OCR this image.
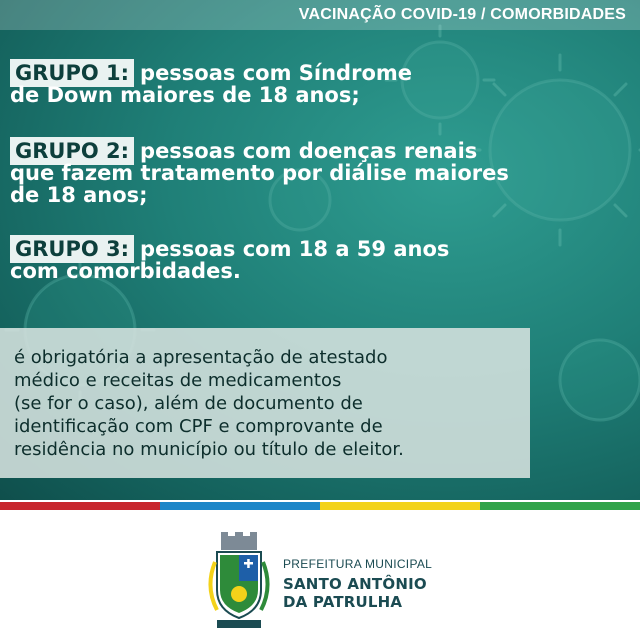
VACINAÇÃO COVID-19 / COMORBIDADES

GRUPO 1: pessoas com Síndrome
de Down maiores de 18 anos;

GRUPO 2: pessoas com doenças renais
que fazem tratamento por diálise maiores
de 18 anos;

GRUPO 3: pessoas com 18 a 59 anos
com comorbidades.

é obrigatória a apresentação de atestado
médico e receitas de medicamentos
(se for o caso), além de documento de
identificação com CPF e comprovante de
residência no município ou título de eleitor.

PREFEITURA MUNICIPAL

SANTO ANTÔNIO

DA PATRULHA
